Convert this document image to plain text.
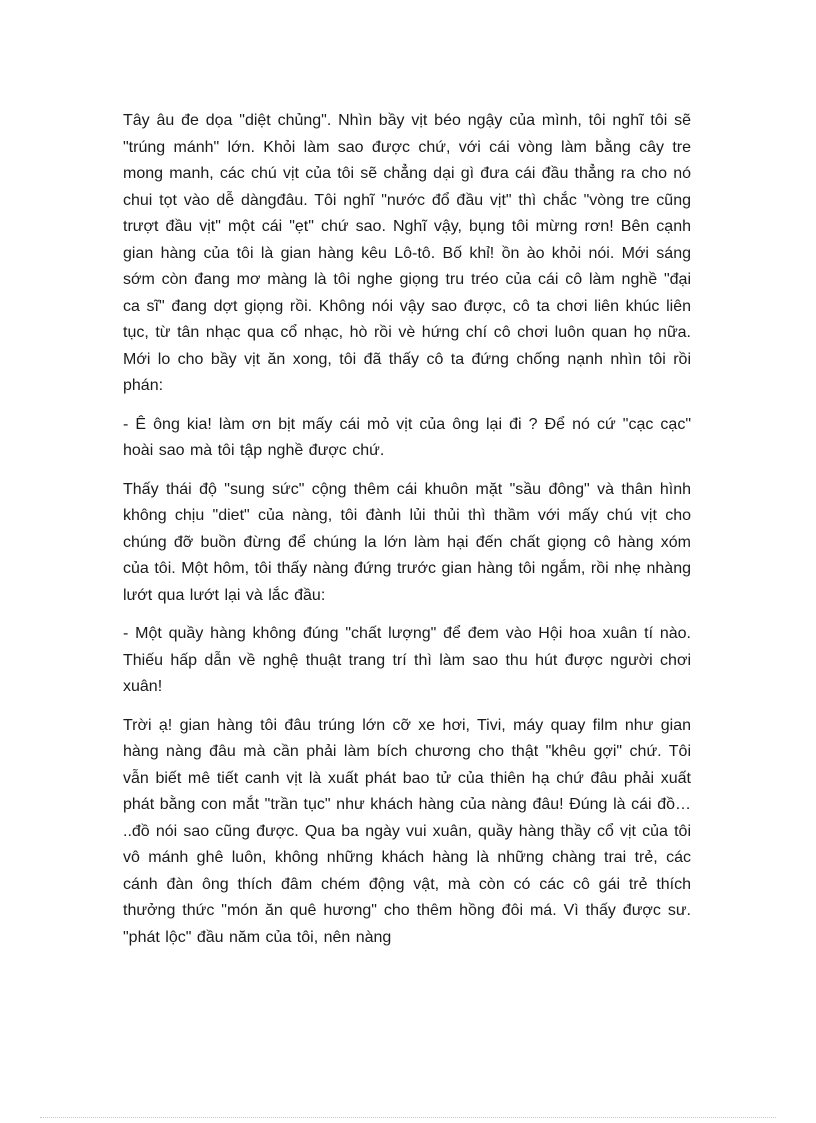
Tây âu đe dọa "diệt chủng". Nhìn bầy vịt béo ngậy của mình, tôi nghĩ tôi sẽ "trúng mánh" lớn. Khỏi làm sao được chứ, với cái vòng làm bằng cây tre mong manh, các chú vịt của tôi sẽ chẳng dại gì đưa cái đầu thẳng ra cho nó chui tọt vào dễ dàngđâu. Tôi nghĩ "nước đổ đầu vịt" thì chắc "vòng tre cũng trượt đầu vịt" một cái "ẹt" chứ sao. Nghĩ vậy, bụng tôi mừng rơn! Bên cạnh gian hàng của tôi là gian hàng kêu Lô-tô. Bố khỉ! ồn ào khỏi nói. Mới sáng sớm còn đang mơ màng là tôi nghe giọng tru tréo của cái cô làm nghề "đại ca sĩ" đang dợt giọng rồi. Không nói vậy sao được, cô ta chơi liên khúc liên tục, từ tân nhạc qua cổ nhạc, hò rồi vè hứng chí cô chơi luôn quan họ nữa. Mới lo cho bầy vịt ăn xong, tôi đã thấy cô ta đứng chống nạnh nhìn tôi rồi phán:

- Ê ông kia! làm ơn bịt mấy cái mỏ vịt của ông lại đi ? Để nó cứ "cạc cạc" hoài sao mà tôi tập nghề được chứ.

Thấy thái độ "sung sức" cộng thêm cái khuôn mặt "sầu đông" và thân hình không chịu "diet" của nàng, tôi đành lủi thủi thì thầm với mấy chú vịt cho chúng đỡ buồn đừng để chúng la lớn làm hại đến chất giọng cô hàng xóm của tôi. Một hôm, tôi thấy nàng đứng trước gian hàng tôi ngắm, rồi nhẹ nhàng lướt qua lướt lại và lắc đầu:

- Một quầy hàng không đúng "chất lượng" để đem vào Hội hoa xuân tí nào. Thiếu hấp dẫn về nghệ thuật trang trí thì làm sao thu hút được người chơi xuân!

Trời ạ! gian hàng tôi đâu trúng lớn cỡ xe hơi, Tivi, máy quay film như gian hàng nàng đâu mà cần phải làm bích chương cho thật "khêu gợi" chứ. Tôi vẫn biết mê tiết canh vịt là xuất phát bao tử của thiên hạ chứ đâu phải xuất phát bằng con mắt "trần tục" như khách hàng của nàng đâu! Đúng là cái đồ… ..đồ nói sao cũng được. Qua ba ngày vui xuân, quầy hàng thầy cổ vịt của tôi vô mánh ghê luôn, không những khách hàng là những chàng trai trẻ, các cánh đàn ông thích đâm chém động vật, mà còn có các cô gái trẻ thích thưởng thức "món ăn quê hương" cho thêm hồng đôi má. Vì thấy được sư. "phát lộc" đầu năm của tôi, nên nàng
